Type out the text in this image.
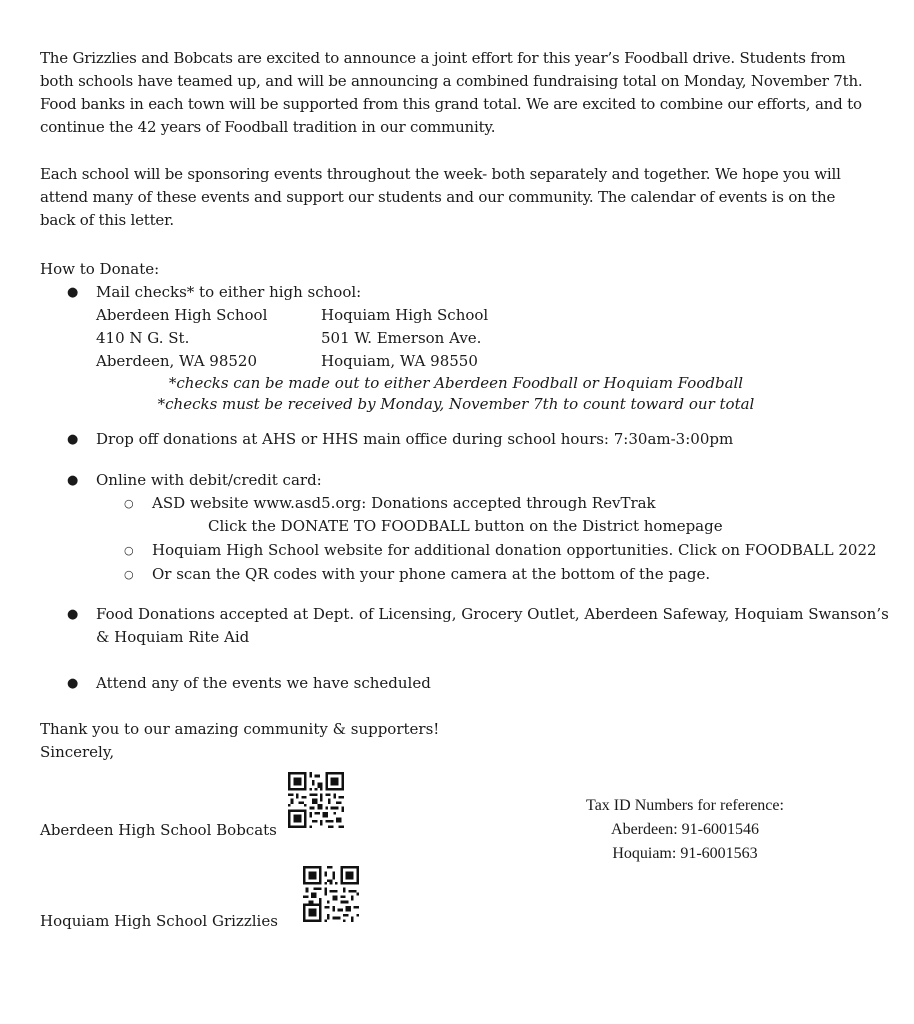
The Grizzlies and Bobcats are excited to announce a joint effort for this year’s Foodball drive. Students from
both schools have teamed up, and will be announcing a combined fundraising total on Monday, November 7th.
Food banks in each town will be supported from this grand total. We are excited to combine our efforts, and to
continue the 42 years of Foodball tradition in our community.
Each school will be sponsoring events throughout the week- both separately and together. We hope you will
attend many of these events and support our students and our community. The calendar of events is on the
back of this letter.
How to Donate:
● Mail checks* to either high school:
Aberdeen High School
410 N G. St.
Aberdeen, WA 98520
Hoquiam High School
501 W. Emerson Ave.
Hoquiam, WA 98550
*checks can be made out to either Aberdeen Foodball or Hoquiam Foodball
*checks must be received by Monday, November 7th to count toward our total
● Drop off donations at AHS or HHS main office during school hours: 7:30am-3:00pm
● Online with debit/credit card:
○ ASD website www.asd5.org: Donations accepted through RevTrak
Click the DONATE TO FOODBALL button on the District homepage
○ Hoquiam High School website for additional donation opportunities. Click on FOODBALL 2022
○ Or scan the QR codes with your phone camera at the bottom of the page.
● Food Donations accepted at Dept. of Licensing, Grocery Outlet, Aberdeen Safeway, Hoquiam Swanson’s
& Hoquiam Rite Aid
● Attend any of the events we have scheduled
Thank you to our amazing community & supporters!
Sincerely,
Aberdeen High School Bobcats
Hoquiam High School Grizzlies
Tax ID Numbers for reference:
Aberdeen: 91-6001546
Hoquiam: 91-6001563
